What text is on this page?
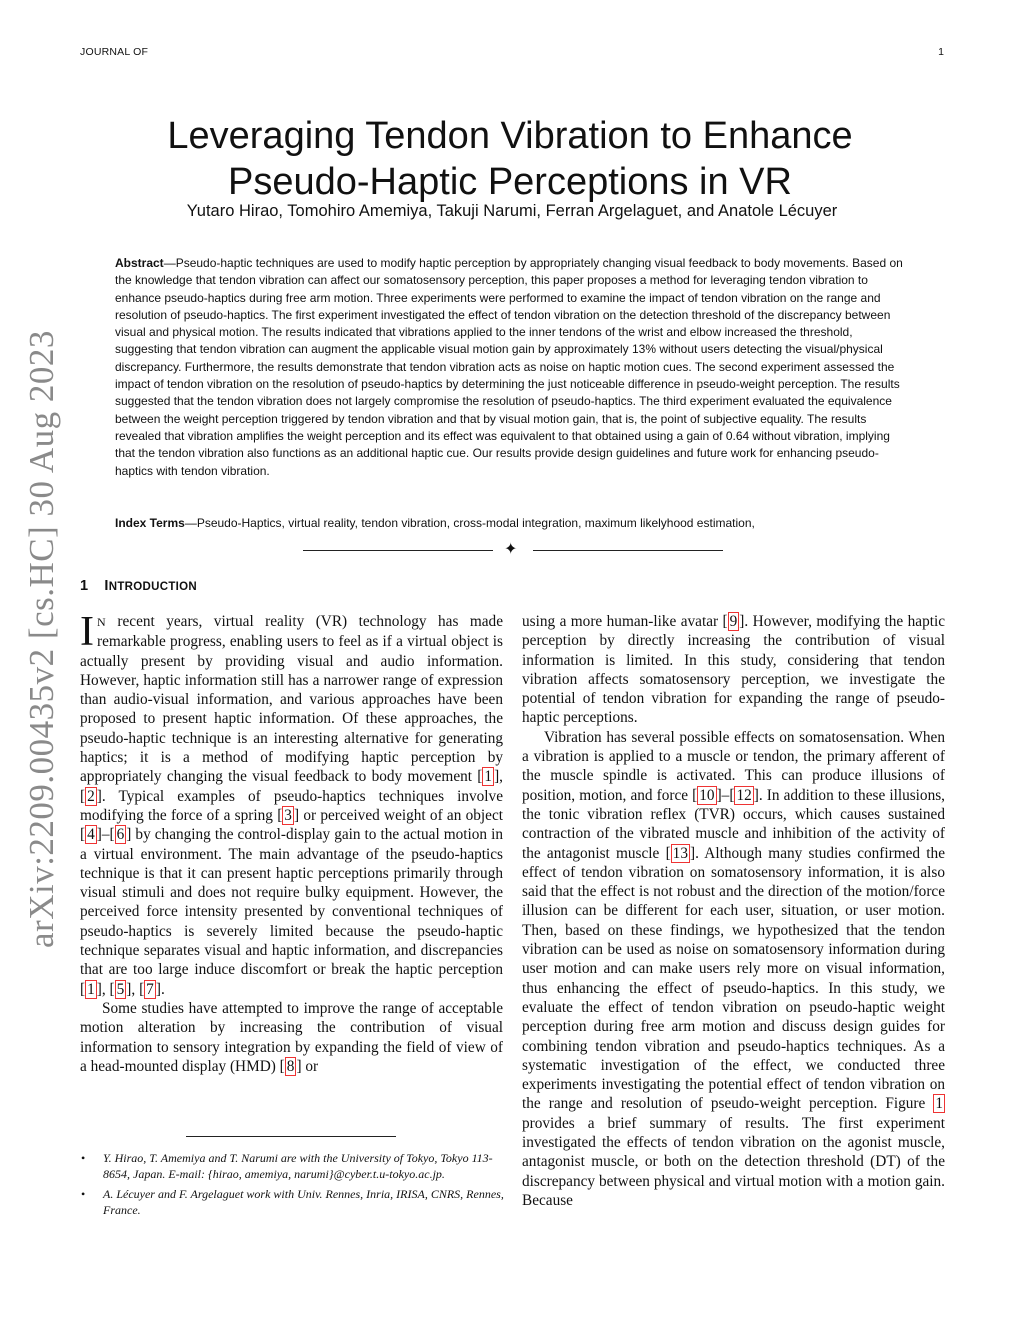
JOURNAL OF	1
arXiv:2209.00435v2 [cs.HC] 30 Aug 2023
Leveraging Tendon Vibration to Enhance Pseudo-Haptic Perceptions in VR
Yutaro Hirao, Tomohiro Amemiya, Takuji Narumi, Ferran Argelaguet, and Anatole Lécuyer
Abstract—Pseudo-haptic techniques are used to modify haptic perception by appropriately changing visual feedback to body movements. Based on the knowledge that tendon vibration can affect our somatosensory perception, this paper proposes a method for leveraging tendon vibration to enhance pseudo-haptics during free arm motion. Three experiments were performed to examine the impact of tendon vibration on the range and resolution of pseudo-haptics. The first experiment investigated the effect of tendon vibration on the detection threshold of the discrepancy between visual and physical motion. The results indicated that vibrations applied to the inner tendons of the wrist and elbow increased the threshold, suggesting that tendon vibration can augment the applicable visual motion gain by approximately 13% without users detecting the visual/physical discrepancy. Furthermore, the results demonstrate that tendon vibration acts as noise on haptic motion cues. The second experiment assessed the impact of tendon vibration on the resolution of pseudo-haptics by determining the just noticeable difference in pseudo-weight perception. The results suggested that the tendon vibration does not largely compromise the resolution of pseudo-haptics. The third experiment evaluated the equivalence between the weight perception triggered by tendon vibration and that by visual motion gain, that is, the point of subjective equality. The results revealed that vibration amplifies the weight perception and its effect was equivalent to that obtained using a gain of 0.64 without vibration, implying that the tendon vibration also functions as an additional haptic cue. Our results provide design guidelines and future work for enhancing pseudo-haptics with tendon vibration.
Index Terms—Pseudo-Haptics, virtual reality, tendon vibration, cross-modal integration, maximum likelyhood estimation,
✦
1 INTRODUCTION

IN recent years, virtual reality (VR) technology has made remarkable progress, enabling users to feel as if a virtual object is actually present by providing visual and audio information. However, haptic information still has a narrower range of expression than audio-visual information, and various approaches have been proposed to present haptic information. Of these approaches, the pseudo-haptic technique is an interesting alternative for generating haptics; it is a method of modifying haptic perception by appropriately changing the visual feedback to body movement [ 1 ], [ 2 ]. Typical examples of pseudo-haptics techniques involve modifying the force of a spring [ 3 ] or perceived weight of an object [ 4 ]–[ 6 ] by changing the control-display gain to the actual motion in a virtual environment. The main advantage of the pseudo-haptics technique is that it can present haptic perceptions primarily through visual stimuli and does not require bulky equipment. However, the perceived force intensity presented by conventional techniques of pseudo-haptics is severely limited because the pseudo-haptic technique separates visual and haptic information, and discrepancies that are too large induce discomfort or break the haptic perception [ 1 ], [ 5 ], [ 7 ].

Some studies have attempted to improve the range of acceptable motion alteration by increasing the contribution of visual information to sensory integration by expanding the field of view of a head-mounted display (HMD) [ 8 ] or

using a more human-like avatar [ 9 ]. However, modifying the haptic perception by directly increasing the contribution of visual information is limited. In this study, considering that tendon vibration affects somatosensory perception, we investigate the potential of tendon vibration for expanding the range of pseudo-haptic perceptions.

Vibration has several possible effects on somatosensation. When a vibration is applied to a muscle or tendon, the primary afferent of the muscle spindle is activated. This can produce illusions of position, motion, and force [ 10 ]–[ 12 ]. In addition to these illusions, the tonic vibration reflex (TVR) occurs, which causes sustained contraction of the vibrated muscle and inhibition of the activity of the antagonist muscle [ 13 ]. Although many studies confirmed the effect of tendon vibration on somatosensory information, it is also said that the effect is not robust and the direction of the motion/force illusion can be different for each user, situation, or user motion. Then, based on these findings, we hypothesized that the tendon vibration can be used as noise on somatosensory information during user motion and can make users rely more on visual information, thus enhancing the effect of pseudo-haptics. In this study, we evaluate the effect of tendon vibration on pseudo-haptic weight perception during free arm motion and discuss design guides for combining tendon vibration and pseudo-haptics techniques. As a systematic investigation of the effect, we conducted three experiments investigating the potential effect of tendon vibration on the range and resolution of pseudo-weight perception. Figure 1 provides a brief summary of results. The first experiment investigated the effects of tendon vibration on the agonist muscle, antagonist muscle, or both on the detection threshold (DT) of the discrepancy between physical and virtual motion with a motion gain. Because

• Y. Hirao, T. Amemiya and T. Narumi are with the University of Tokyo, Tokyo 113-8654, Japan. E-mail: {hirao, amemiya, narumi}@cyber.t.u-tokyo.ac.jp.
• A. Lécuyer and F. Argelaguet work with Univ. Rennes, Inria, IRISA, CNRS, Rennes, France.
